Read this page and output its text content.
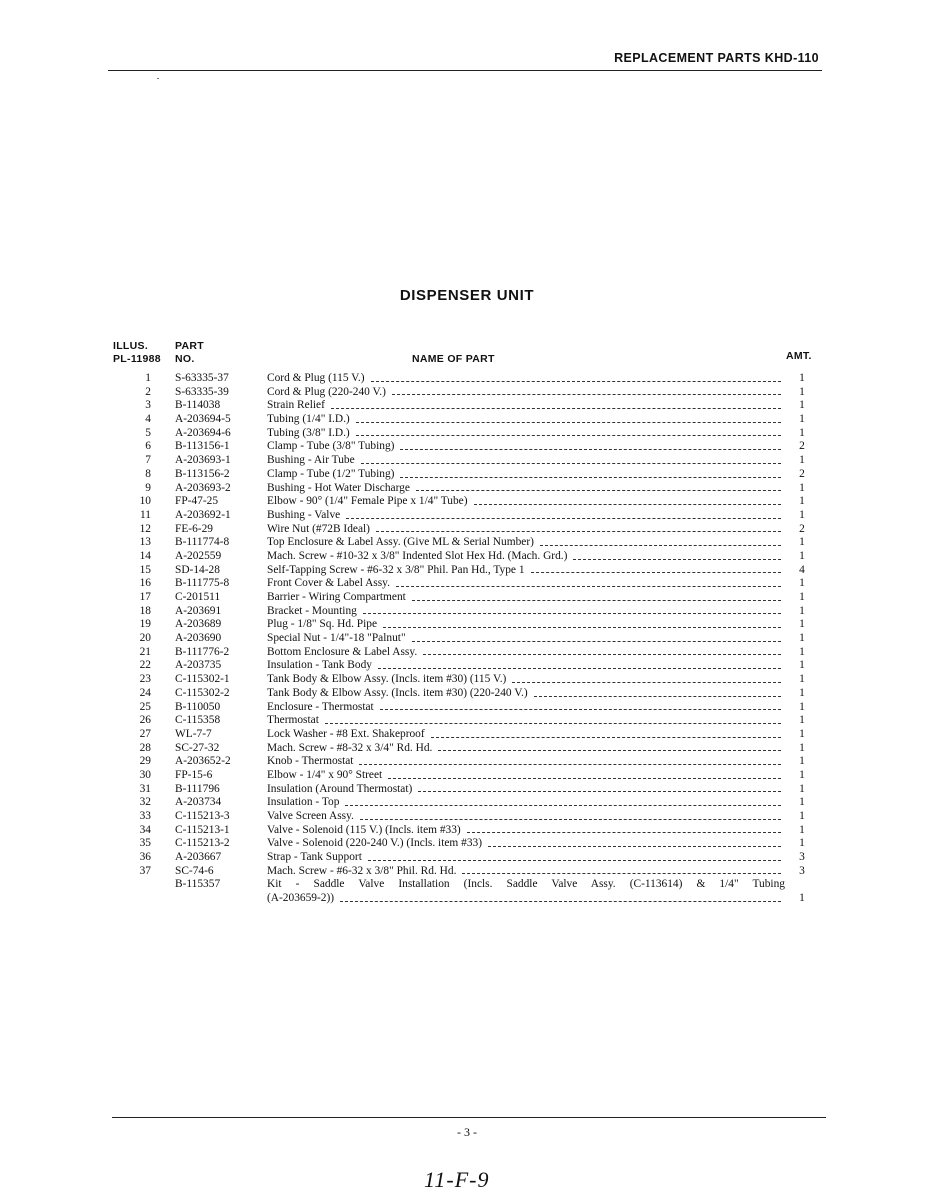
REPLACEMENT PARTS KHD-110
DISPENSER UNIT
ILLUS.
PL-11988
PART
NO.	NAME OF PART	AMT.
1 S-63335-37	Cord & Plug (115 V.)	1
2 S-63335-39	Cord & Plug (220-240 V.)	1
3 B-114038	Strain Relief	1
4 A-203694-5	Tubing (1/4" I.D.)	1
5 A-203694-6	Tubing (3/8" I.D.)	1
6 B-113156-1	Clamp - Tube (3/8" Tubing)	2
7 A-203693-1	Bushing - Air Tube	1
8 B-113156-2	Clamp - Tube (1/2" Tubing)	2
9 A-203693-2	Bushing - Hot Water Discharge	1
10 FP-47-25	Elbow - 90° (1/4" Female Pipe x 1/4" Tube)	1
11 A-203692-1	Bushing - Valve	1
12 FE-6-29	Wire Nut (#72B Ideal)	2
13 B-111774-8	Top Enclosure & Label Assy. (Give ML & Serial Number)	1
14 A-202559	Mach. Screw - #10-32 x 3/8" Indented Slot Hex Hd. (Mach. Grd.)	1
15 SD-14-28	Self-Tapping Screw - #6-32 x 3/8" Phil. Pan Hd., Type 1	4
16 B-111775-8	Front Cover & Label Assy.	1
17 C-201511	Barrier - Wiring Compartment	1
18 A-203691	Bracket - Mounting	1
19 A-203689	Plug - 1/8" Sq. Hd. Pipe	1
20 A-203690	Special Nut - 1/4"-18 "Palnut"	1
21 B-111776-2	Bottom Enclosure & Label Assy.	1
22 A-203735	Insulation - Tank Body	1
23 C-115302-1	Tank Body & Elbow Assy. (Incls. item #30) (115 V.)	1
24 C-115302-2	Tank Body & Elbow Assy. (Incls. item #30) (220-240 V.)	1
25 B-110050	Enclosure - Thermostat	1
26 C-115358	Thermostat	1
27 WL-7-7	Lock Washer - #8 Ext. Shakeproof	1
28 SC-27-32	Mach. Screw - #8-32 x 3/4" Rd. Hd.	1
29 A-203652-2	Knob - Thermostat	1
30 FP-15-6	Elbow - 1/4" x 90° Street	1
31 B-111796	Insulation (Around Thermostat)	1
32 A-203734	Insulation - Top	1
33 C-115213-3	Valve Screen Assy.	1
34 C-115213-1	Valve - Solenoid (115 V.) (Incls. item #33)	1
35 C-115213-2	Valve - Solenoid (220-240 V.) (Incls. item #33)	1
36 A-203667	Strap - Tank Support	3
37 SC-74-6	Mach. Screw - #6-32 x 3/8" Phil. Rd. Hd.	3
B-115357	Kit - Saddle Valve Installation (Incls. Saddle Valve Assy. (C-113614) & 1/4" Tubing
(A-203659-2))	1
- 3 -
11-F-9
